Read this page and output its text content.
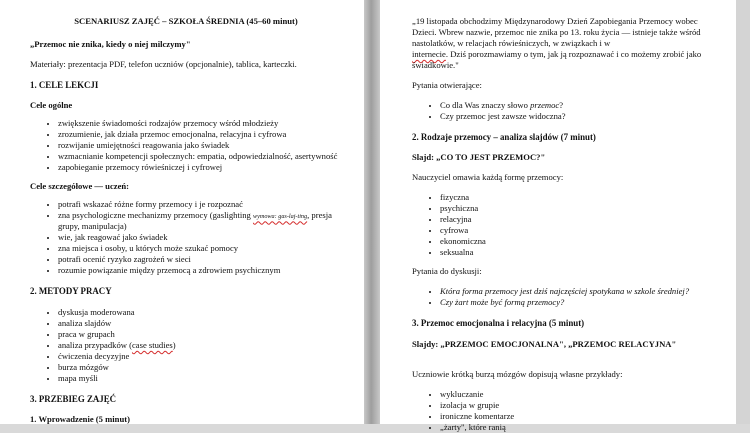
SCENARIUSZ ZAJĘĆ – SZKOŁA ŚREDNIA (45–60 minut)

„Przemoc nie znika, kiedy o niej milczymy"

Materiały: prezentacja PDF, telefon uczniów (opcjonalnie), tablica, karteczki.

1. CELE LEKCJI
Cele ogólne
• zwiększenie świadomości rodzajów przemocy wśród młodzieży
• zrozumienie, jak działa przemoc emocjonalna, relacyjna i cyfrowa
• rozwijanie umiejętności reagowania jako świadek
• wzmacnianie kompetencji społecznych: empatia, odpowiedzialność, asertywność
• zapobieganie przemocy rówieśniczej i cyfrowej
Cele szczegółowe — uczeń:
• potrafi wskazać różne formy przemocy i je rozpoznać
• zna psychologiczne mechanizmy przemocy (gaslighting wymowa: gas-laj-ting, presja grupy, manipulacja)
• wie, jak reagować jako świadek
• zna miejsca i osoby, u których może szukać pomocy
• potrafi ocenić ryzyko zagrożeń w sieci
• rozumie powiązanie między przemocą a zdrowiem psychicznym
2. METODY PRACY
• dyskusja moderowana
• analiza slajdów
• praca w grupach
• analiza przypadków (case studies)
• ćwiczenia decyzyjne
• burza mózgów
• mapa myśli
3. PRZEBIEG ZAJĘĆ
1. Wprowadzenie (5 minut)

„19 listopada obchodzimy Międzynarodowy Dzień Zapobiegania Przemocy wobec Dzieci. Wbrew nazwie, przemoc nie znika po 13. roku życia — istnieje także wśród nastolatków, w relacjach rówieśniczych, w związkach i w
internecie. Dziś porozmawiamy o tym, jak ją rozpoznawać i co możemy zrobić jako świadkowie."

Pytania otwierające:

• Co dla Was znaczy słowo przemoc?
• Czy przemoc jest zawsze widoczna?
2. Rodzaje przemocy – analiza slajdów (7 minut)

Slajd: „CO TO JEST PRZEMOC?"

Nauczyciel omawia każdą formę przemocy:

• fizyczna
• psychiczna
• relacyjna
• cyfrowa
• ekonomiczna
• seksualna

Pytania do dyskusji:

• Która forma przemocy jest dziś najczęściej spotykana w szkole średniej?
• Czy żart może być formą przemocy?
3. Przemoc emocjonalna i relacyjna (5 minut)

Slajdy: „PRZEMOC EMOCJONALNA", „PRZEMOC RELACYJNA"

Uczniowie krótką burzą mózgów dopisują własne przykłady:

• wykluczanie
• izolacja w grupie
• ironiczne komentarze
• „żarty", które ranią
